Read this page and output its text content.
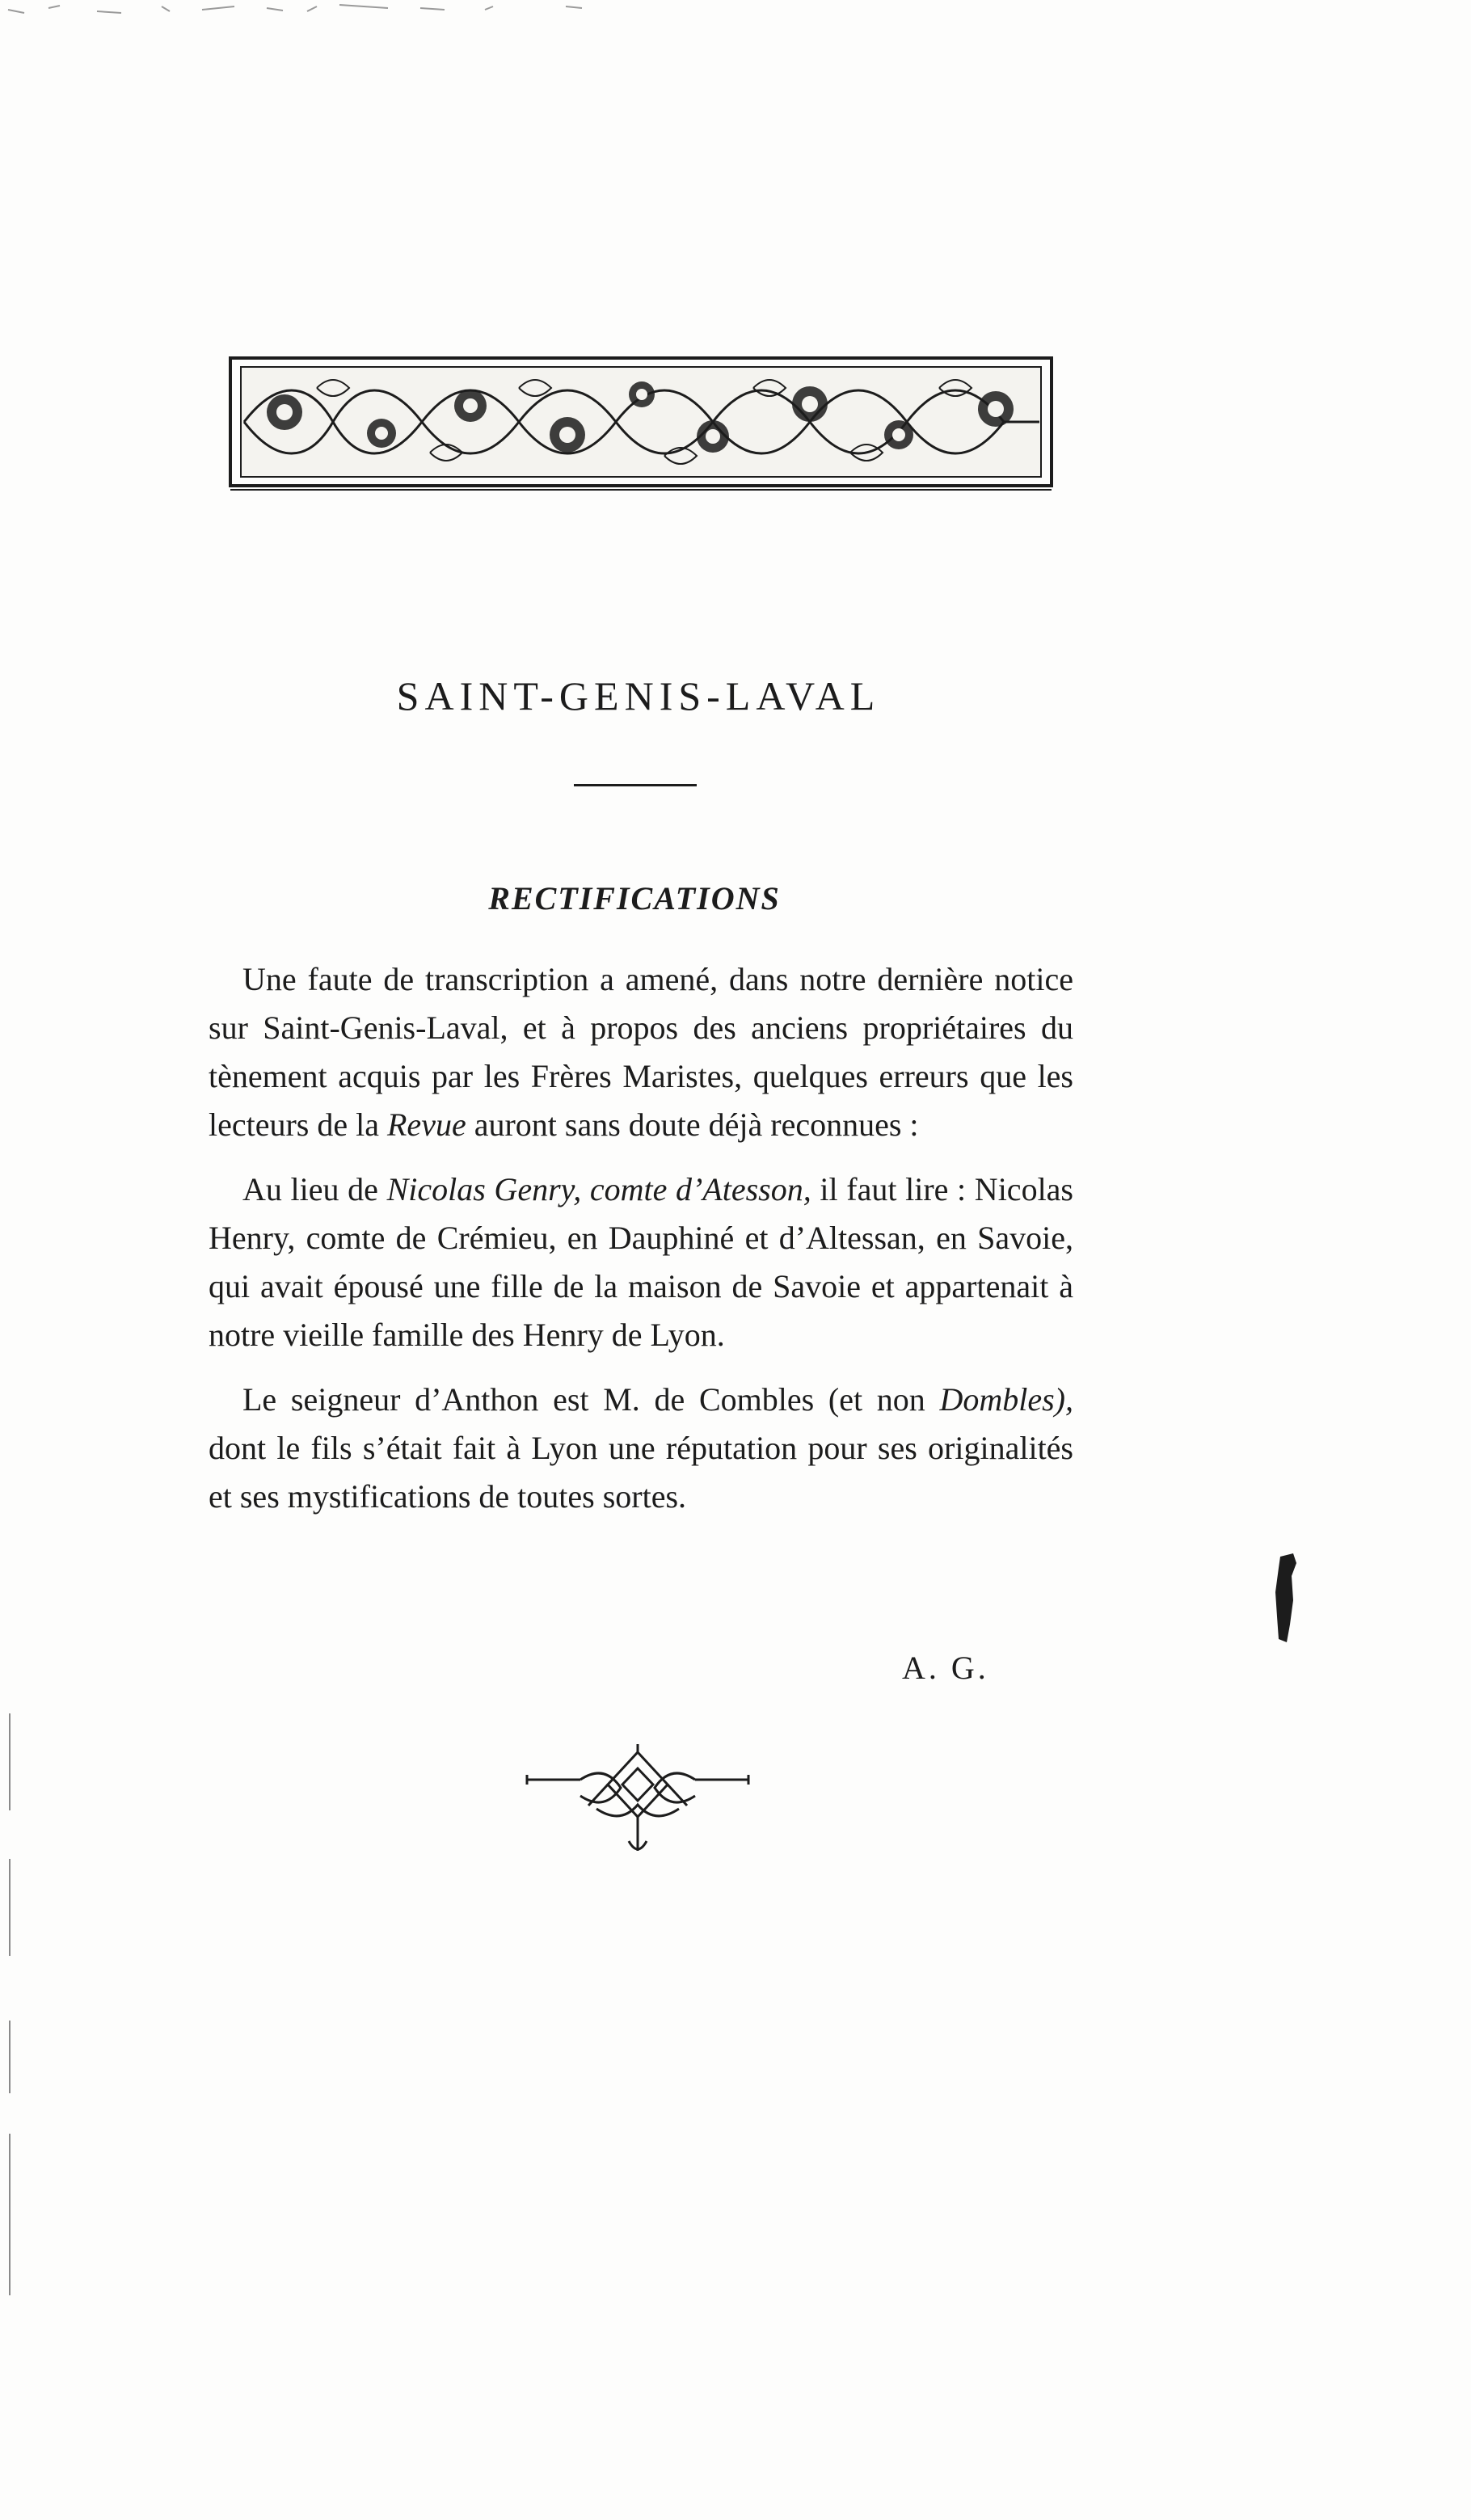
SAINT-GENIS-LAVAL
RECTIFICATIONS

Une faute de transcription a amené, dans notre dernière notice sur Saint-Genis-Laval, et à propos des anciens propriétaires du tènement acquis par les Frères Maristes, quelques erreurs que les lecteurs de la Revue auront sans doute déjà reconnues :

Au lieu de Nicolas Genry, comte d’Atesson, il faut lire : Nicolas Henry, comte de Crémieu, en Dauphiné et d’Altessan, en Savoie, qui avait épousé une fille de la maison de Savoie et appartenait à notre vieille famille des Henry de Lyon.

Le seigneur d’Anthon est M. de Combles (et non Dombles), dont le fils s’était fait à Lyon une réputation pour ses originalités et ses mystifications de toutes sortes.

A. G.
